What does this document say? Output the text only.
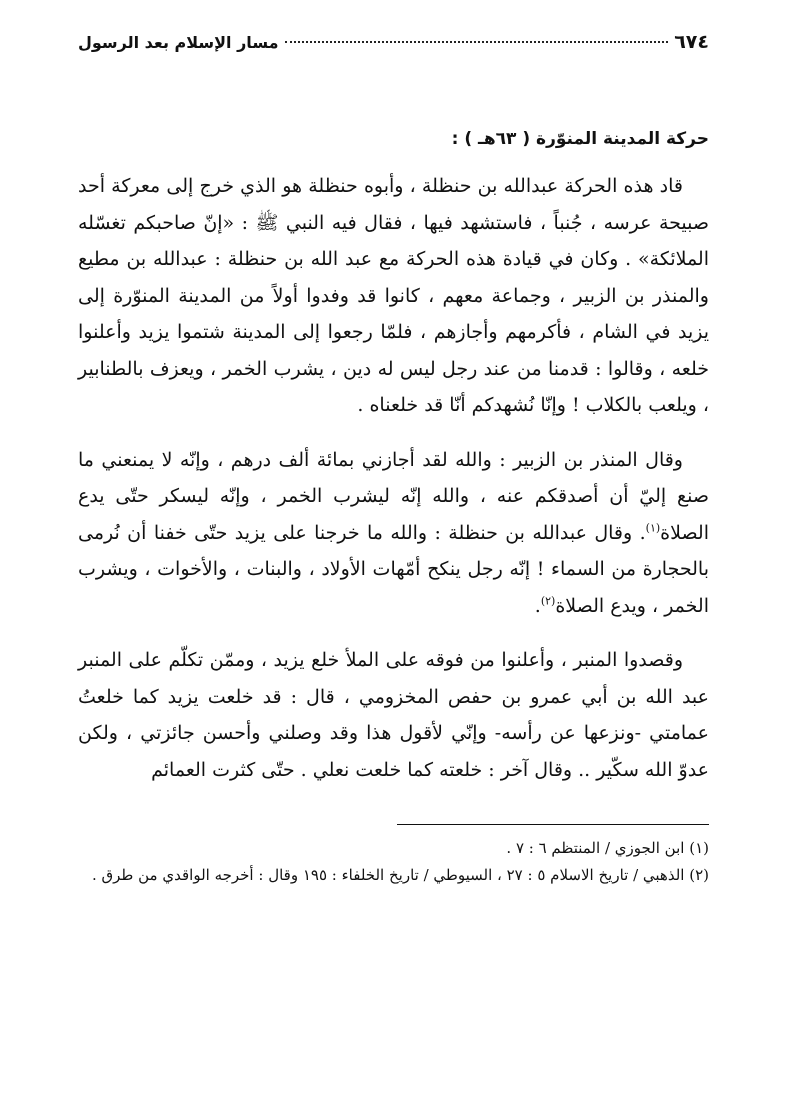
٦٧٤
مسار الإسلام بعد الرسول
حركة المدينة المنوّرة ( ٦٣هـ ) :

قاد هذه الحركة عبدالله بن حنظلة ، وأبوه حنظلة هو الذي خرج إلى معركة أحد صبيحة عرسه ، جُنباً ، فاستشهد فيها ، فقال فيه النبي ﷺ : «إنّ صاحبكم تغسّله الملائكة» . وكان في قيادة هذه الحركة مع عبد الله بن حنظلة : عبدالله بن مطيع والمنذر بن الزبير ، وجماعة معهم ، كانوا قد وفدوا أولاً من المدينة المنوّرة إلى يزيد في الشام ، فأكرمهم وأجازهم ، فلمّا رجعوا إلى المدينة شتموا يزيد وأعلنوا خلعه ، وقالوا : قدمنا من عند رجل ليس له دين ، يشرب الخمر ، ويعزف بالطنابير ، ويلعب بالكلاب ! وإنّا نُشهدكم أنّا قد خلعناه .

وقال المنذر بن الزبير : والله لقد أجازني بمائة ألف درهم ، وإنّه لا يمنعني ما صنع إليّ أن أصدقكم عنه ، والله إنّه ليشرب الخمر ، وإنّه ليسكر حتّى يدع الصلاة$^{(١)}$. وقال عبدالله بن حنظلة : والله ما خرجنا على يزيد حتّى خفنا أن نُرمى بالحجارة من السماء ! إنّه رجل ينكح أمّهات الأولاد ، والبنات ، والأخوات ، ويشرب الخمر ، ويدع الصلاة$^{(٢)}$.

وقصدوا المنبر ، وأعلنوا من فوقه على الملأ خلع يزيد ، وممّن تكلّم على المنبر عبد الله بن أبي عمرو بن حفص المخزومي ، قال : قد خلعت يزيد كما خلعتُ عمامتي -ونزعها عن رأسه- وإنّي لأقول هذا وقد وصلني وأحسن جائزتي ، ولكن عدوّ الله سكّير .. وقال آخر : خلعته كما خلعت نعلي . حتّى كثرت العمائم

(١) ابن الجوزي / المنتظم ٦ : ٧ .

(٢) الذهبي / تاريخ الاسلام ٥ : ٢٧ ، السيوطي / تاريخ الخلفاء : ١٩٥ وقال : أخرجه الواقدي من طرق .
